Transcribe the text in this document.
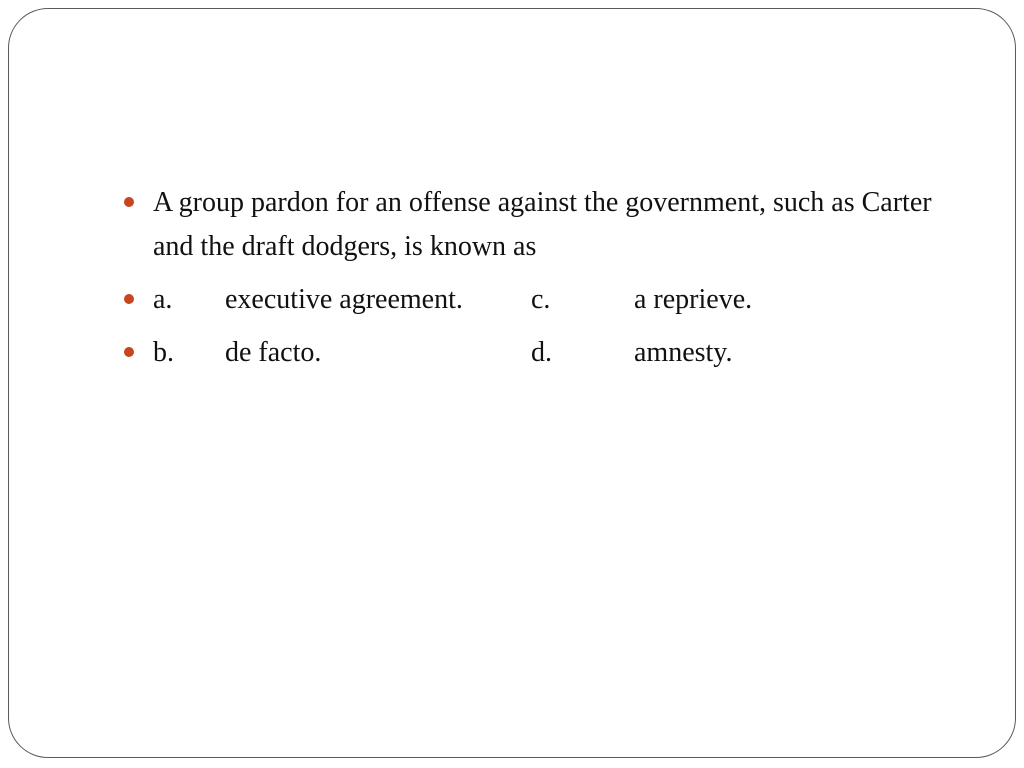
A group pardon for an offense against the government, such as Carter and the draft dodgers, is known as
a. executive agreement. c.	a reprieve.
b. de facto.	d.	amnesty.
